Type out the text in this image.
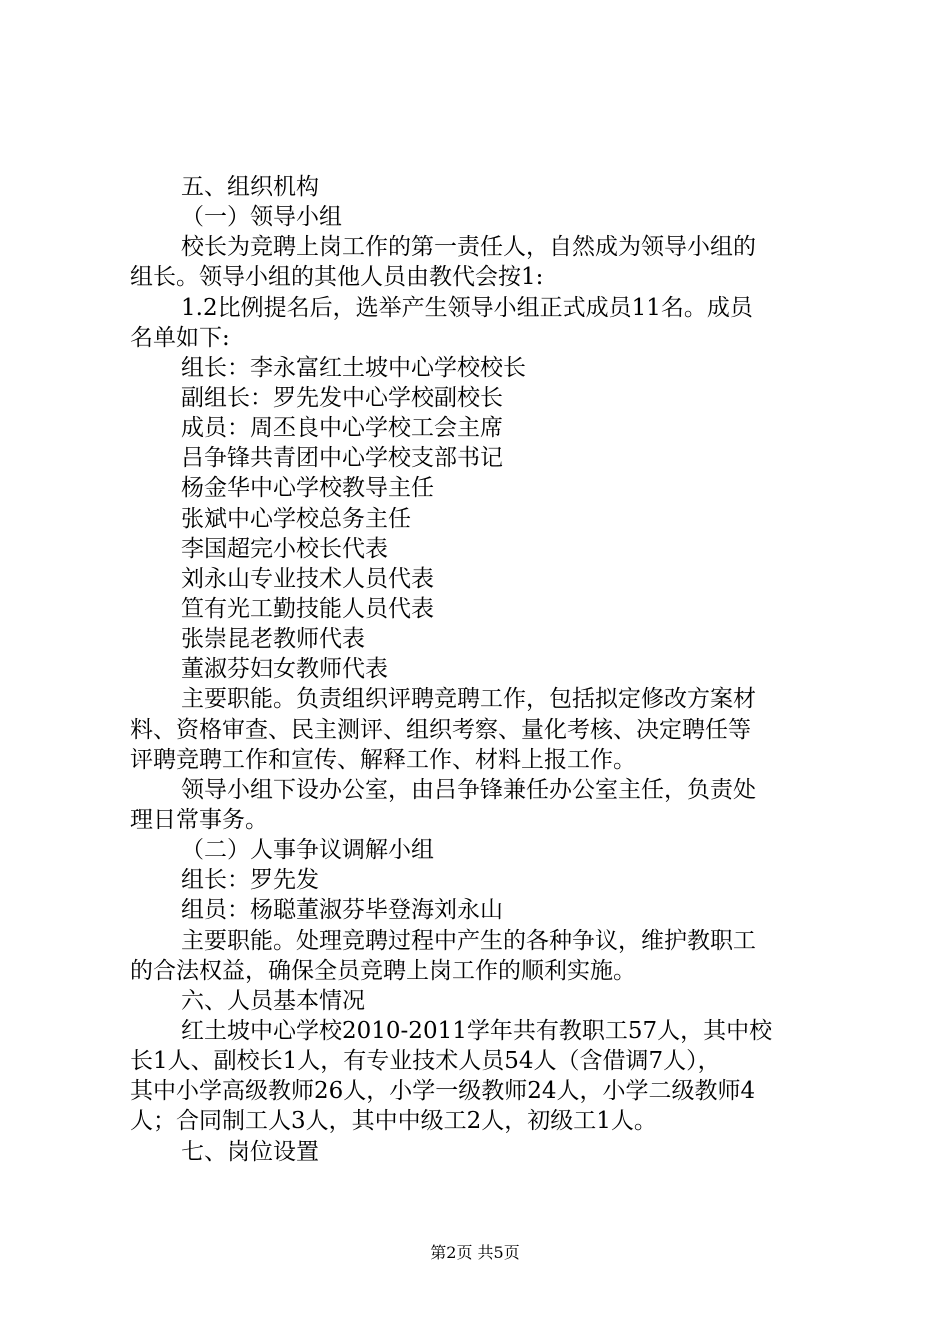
五、组织机构
（一）领导小组
校长为竞聘上岗工作的第一责任人，自然成为领导小组的
组长。领导小组的其他人员由教代会按1:
1.2比例提名后，选举产生领导小组正式成员11名。成员
名单如下:
组长：李永富红土坡中心学校校长
副组长：罗先发中心学校副校长
成员：周丕良中心学校工会主席
吕争锋共青团中心学校支部书记
杨金华中心学校教导主任
张斌中心学校总务主任
李国超完小校长代表
刘永山专业技术人员代表
笪有光工勤技能人员代表
张崇昆老教师代表
董淑芬妇女教师代表
主要职能。负责组织评聘竞聘工作，包括拟定修改方案材
料、资格审查、民主测评、组织考察、量化考核、决定聘任等
评聘竞聘工作和宣传、解释工作、材料上报工作。
领导小组下设办公室，由吕争锋兼任办公室主任，负责处
理日常事务。
（二）人事争议调解小组
组长：罗先发
组员：杨聪董淑芬毕登海刘永山
主要职能。处理竞聘过程中产生的各种争议，维护教职工
的合法权益，确保全员竞聘上岗工作的顺利实施。
六、人员基本情况
红土坡中心学校2010-2011学年共有教职工57人，其中校
长1人、副校长1人，有专业技术人员54人（含借调7人），
其中小学高级教师26人，小学一级教师24人，小学二级教师4
人；合同制工人3人，其中中级工2人，初级工1人。
七、岗位设置
第2页 共5页
